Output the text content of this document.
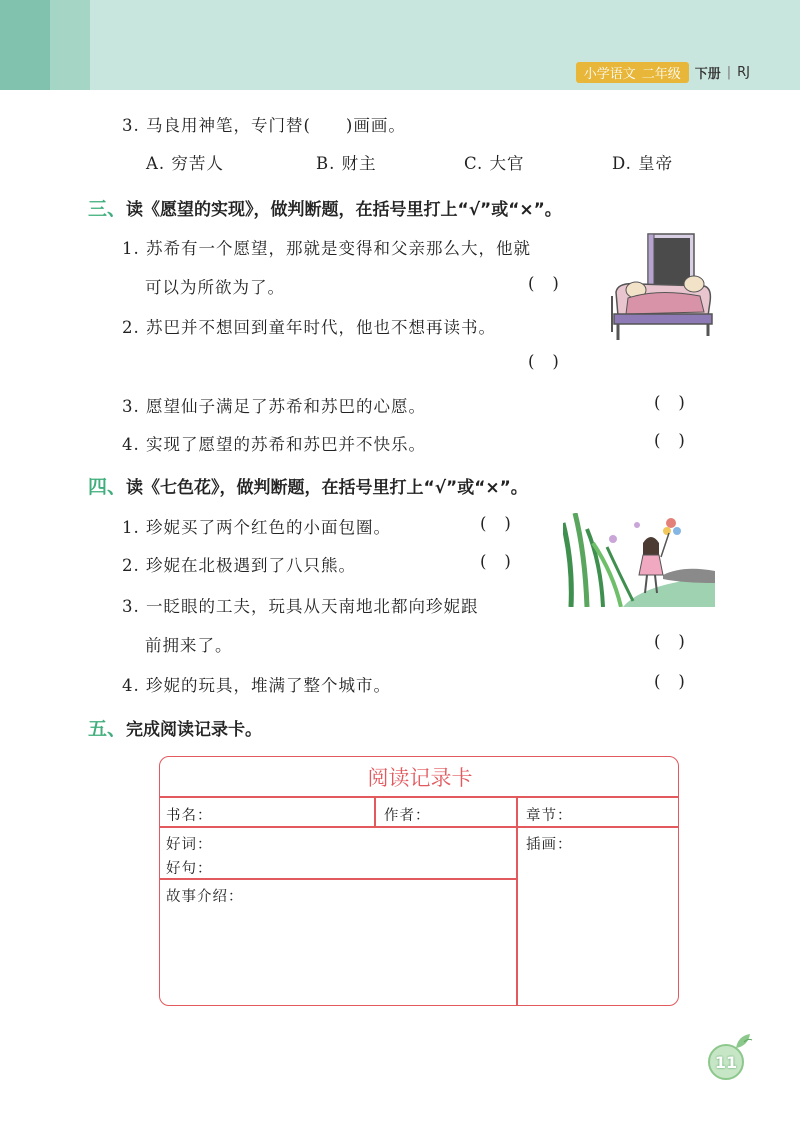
小学语文 二年级 下册 | RJ
3. 马良用神笔，专门替(　　)画画。
A. 穷苦人	B. 财主	C. 大官	D. 皇帝
三、读《愿望的实现》，做判断题，在括号里打上“√”或“×”。
1. 苏希有一个愿望，那就是变得和父亲那么大，他就
可以为所欲为了。	()
2. 苏巴并不想回到童年时代，他也不想再读书。
()
3. 愿望仙子满足了苏希和苏巴的心愿。	()
4. 实现了愿望的苏希和苏巴并不快乐。	()
四、读《七色花》，做判断题，在括号里打上“√”或“×”。
1. 珍妮买了两个红色的小面包圈。	()
2. 珍妮在北极遇到了八只熊。	()
3. 一眨眼的工夫，玩具从天南地北都向珍妮跟
前拥来了。	()
4. 珍妮的玩具，堆满了整个城市。	()
五、完成阅读记录卡。
阅读记录卡
书名：	作者：	章节：
好词：
好句：
故事介绍：
插画：
11
